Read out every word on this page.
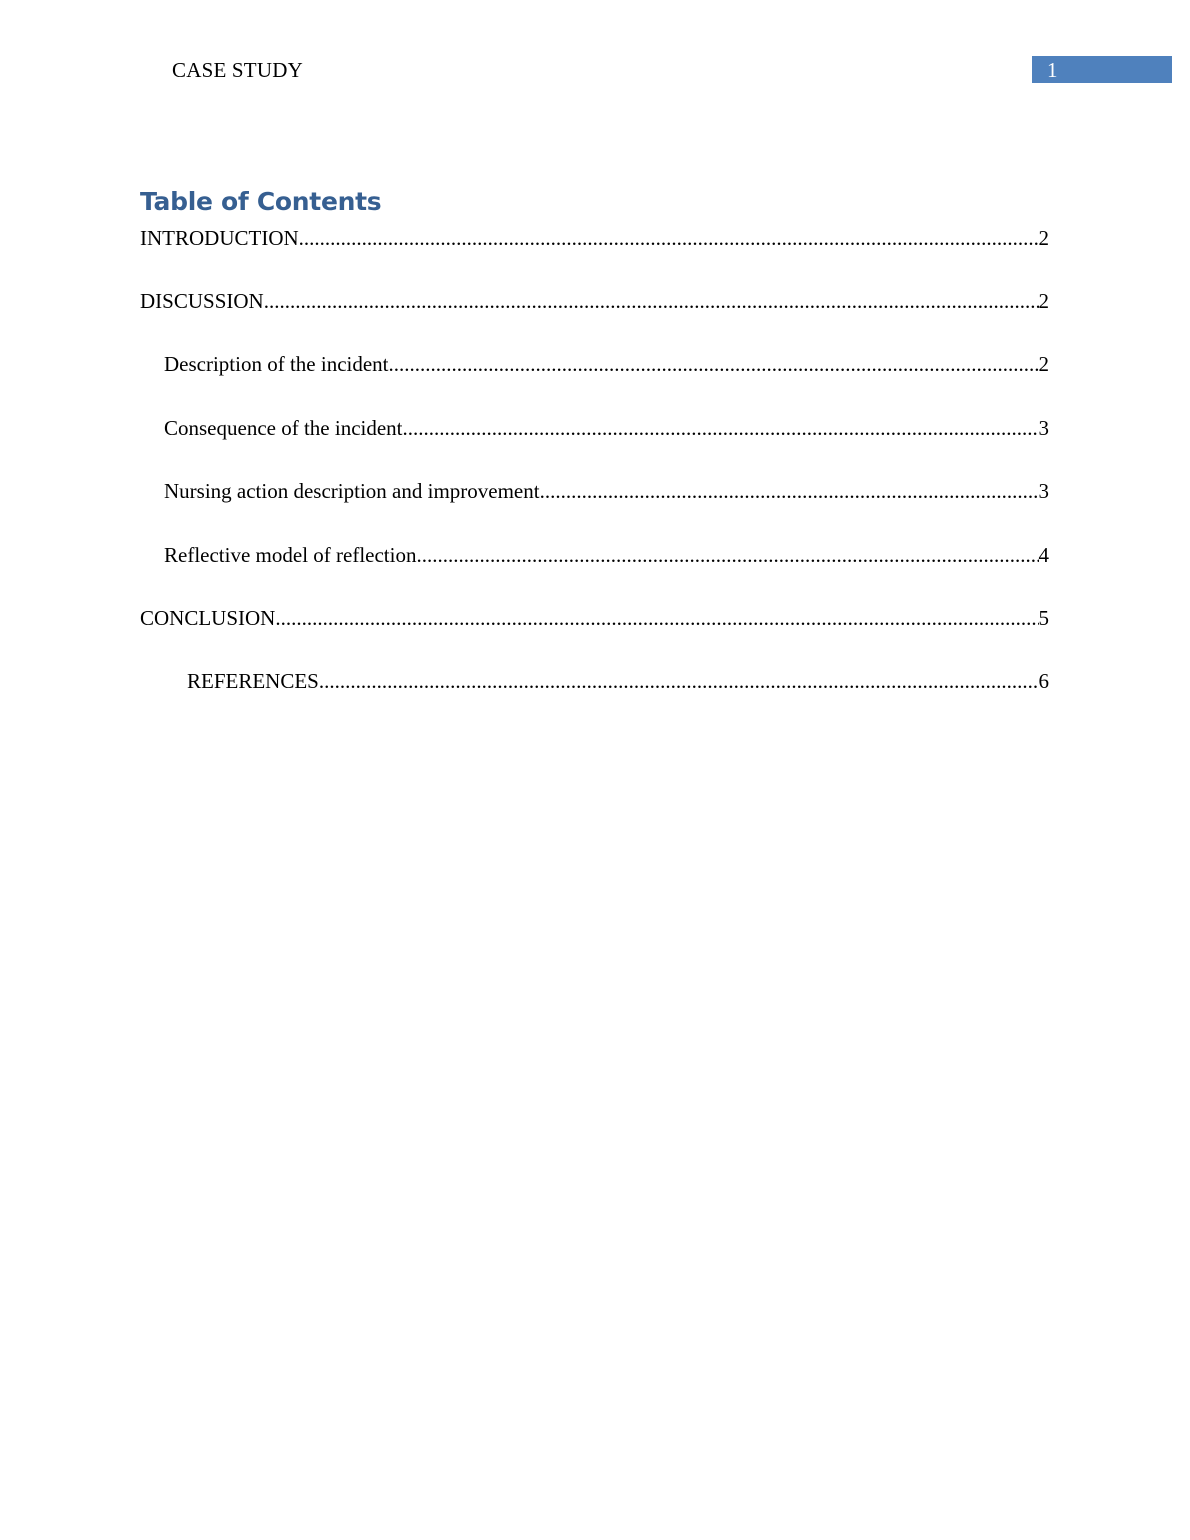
CASE STUDY	1
Table of Contents
INTRODUCTION .....	2
DISCUSSION .....	2
Description of the incident .....	2
Consequence of the incident .....	3
Nursing action description and improvement .....	3
Reflective model of reflection .....	4
CONCLUSION .....	5
REFERENCES .....	6
